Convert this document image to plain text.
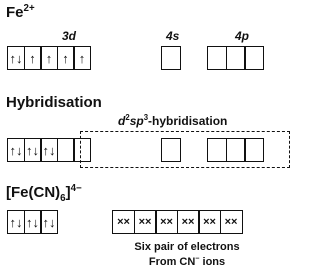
$Fe^{2+}$
3d	4s	4p
↑↓ ↑ ↑ ↑ ↑
Hybridisation
$d^2sp^3$-hybridisation
↑↓ ↑↓ ↑↓
$[Fe(CN)_6]^{4-}$
↑↓ ↑↓ ↑↓	×× ×× ×× ×× ×× ××
Six pair of electrons
From CN− ions
